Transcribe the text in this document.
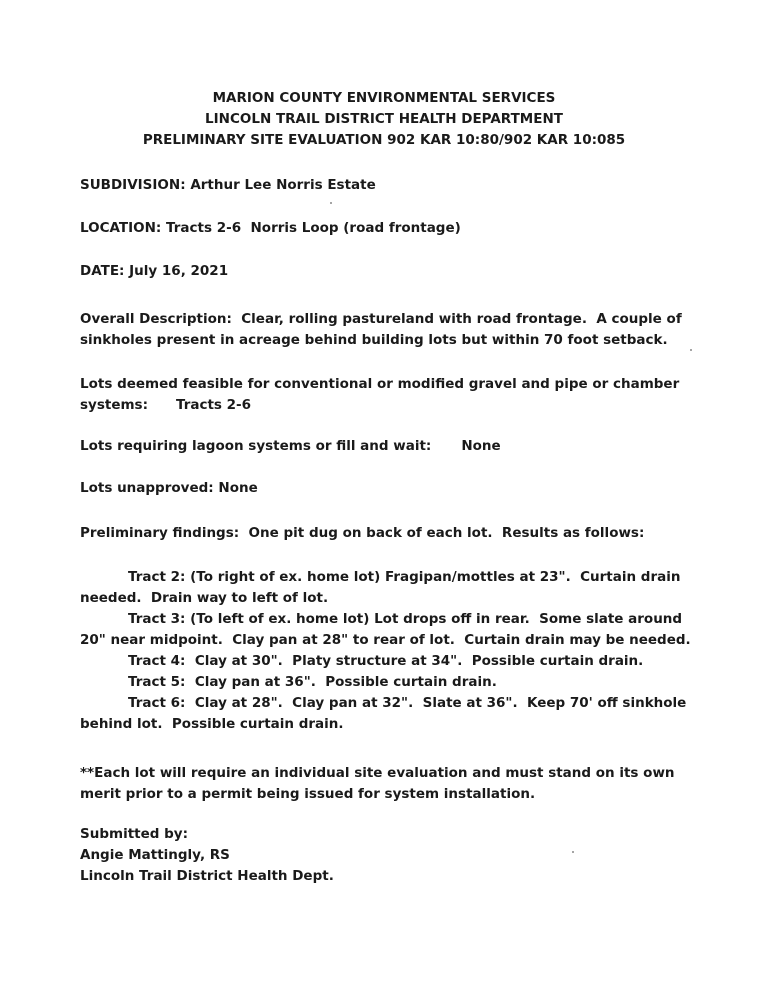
MARION COUNTY ENVIRONMENTAL SERVICES
LINCOLN TRAIL DISTRICT HEALTH DEPARTMENT
PRELIMINARY SITE EVALUATION 902 KAR 10:80/902 KAR 10:085
SUBDIVISION: Arthur Lee Norris Estate
LOCATION: Tracts 2-6  Norris Loop (road frontage)
DATE: July 16, 2021
Overall Description:  Clear, rolling pastureland with road frontage.  A couple of
sinkholes present in acreage behind building lots but within 70 foot setback.
Lots deemed feasible for conventional or modified gravel and pipe or chamber
systems: Tracts 2-6
Lots requiring lagoon systems or fill and wait: None
Lots unapproved: None
Preliminary findings:  One pit dug on back of each lot.  Results as follows:
Tract 2: (To right of ex. home lot) Fragipan/mottles at 23".  Curtain drain
needed.  Drain way to left of lot.
Tract 3: (To left of ex. home lot) Lot drops off in rear.  Some slate around
20" near midpoint.  Clay pan at 28" to rear of lot.  Curtain drain may be needed.
Tract 4:  Clay at 30".  Platy structure at 34".  Possible curtain drain.
Tract 5:  Clay pan at 36".  Possible curtain drain.
Tract 6:  Clay at 28".  Clay pan at 32".  Slate at 36".  Keep 70' off sinkhole
behind lot.  Possible curtain drain.
**Each lot will require an individual site evaluation and must stand on its own
merit prior to a permit being issued for system installation.
Submitted by:
Angie Mattingly, RS
Lincoln Trail District Health Dept.
